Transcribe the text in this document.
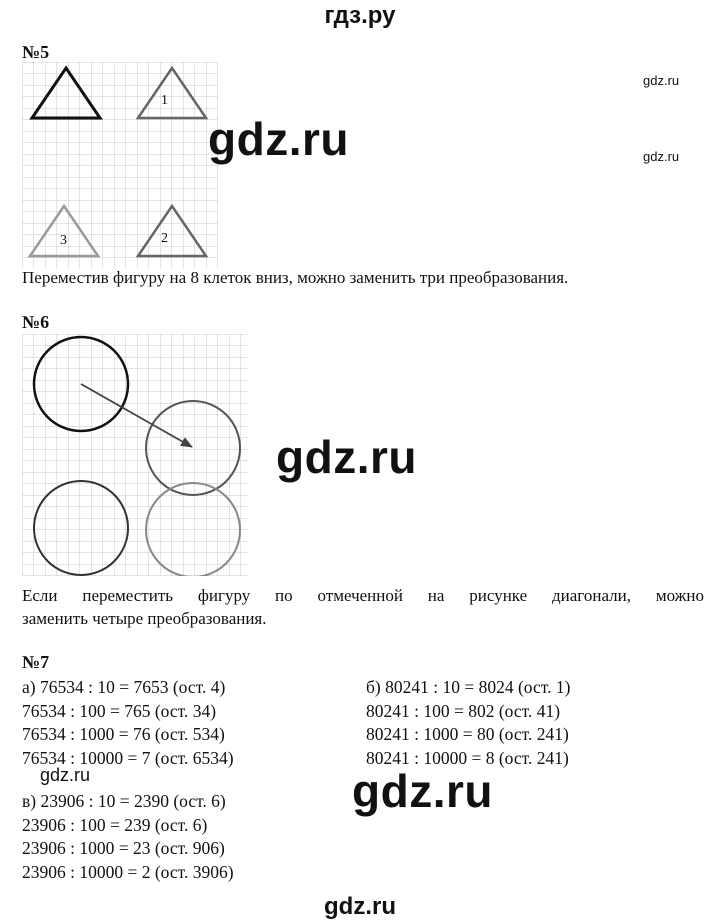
гдз.ру
№5
1
2
3
Переместив фигуру на 8 клеток вниз, можно заменить три преобразования.
№6
Если переместить фигуру по отмеченной на рисунке диагонали, можно
заменить четыре преобразования.
№7
а) 76534 : 10 = 7653 (ост. 4)
76534 : 100 = 765 (ост. 34)
76534 : 1000 = 76 (ост. 534)
76534 : 10000 = 7 (ост. 6534)
б) 80241 : 10 = 8024 (ост. 1)
80241 : 100 = 802 (ост. 41)
80241 : 1000 = 80 (ост. 241)
80241 : 10000 = 8 (ост. 241)
в) 23906 : 10 = 2390 (ост. 6)
23906 : 100 = 239 (ост. 6)
23906 : 1000 = 23 (ост. 906)
23906 : 10000 = 2 (ост. 3906)
gdz.ru
gdz.ru
gdz.ru
gdz.ru
gdz.ru
gdz.ru
gdz.ru
